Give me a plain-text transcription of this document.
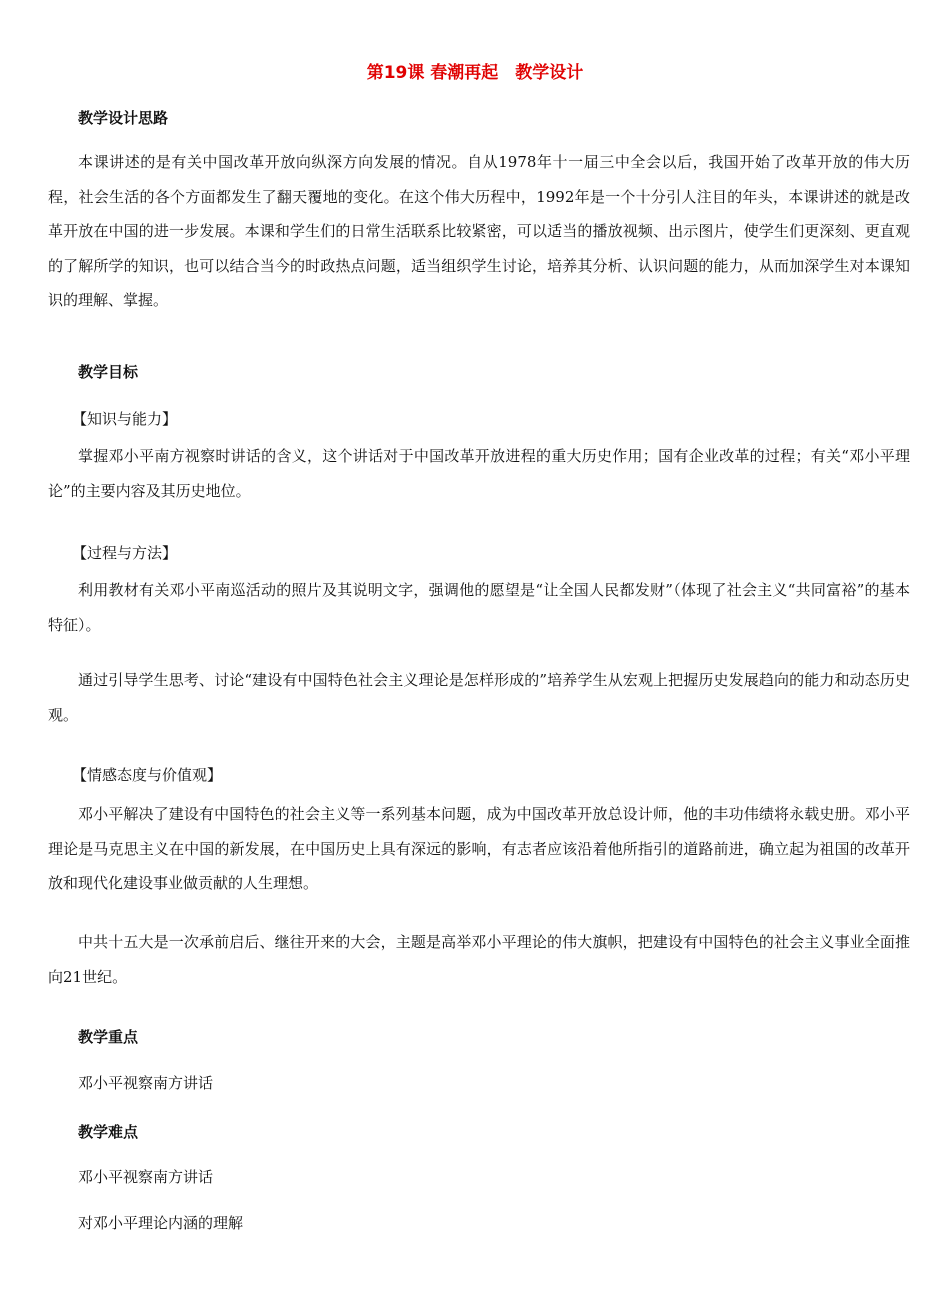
第19课 春潮再起　教学设计
教学设计思路
本课讲述的是有关中国改革开放向纵深方向发展的情况。自从1978年十一届三中全会以后，我国开始了改革开放的伟大历程，社会生活的各个方面都发生了翻天覆地的变化。在这个伟大历程中，1992年是一个十分引人注目的年头，本课讲述的就是改革开放在中国的进一步发展。本课和学生们的日常生活联系比较紧密，可以适当的播放视频、出示图片，使学生们更深刻、更直观的了解所学的知识，也可以结合当今的时政热点问题，适当组织学生讨论，培养其分析、认识问题的能力，从而加深学生对本课知识的理解、掌握。
教学目标
【知识与能力】
掌握邓小平南方视察时讲话的含义，这个讲话对于中国改革开放进程的重大历史作用；国有企业改革的过程；有关“邓小平理论”的主要内容及其历史地位。
【过程与方法】
利用教材有关邓小平南巡活动的照片及其说明文字，强调他的愿望是“让全国人民都发财”（体现了社会主义“共同富裕”的基本特征）。
通过引导学生思考、讨论“建设有中国特色社会主义理论是怎样形成的”培养学生从宏观上把握历史发展趋向的能力和动态历史观。
【情感态度与价值观】
邓小平解决了建设有中国特色的社会主义等一系列基本问题，成为中国改革开放总设计师，他的丰功伟绩将永载史册。邓小平理论是马克思主义在中国的新发展，在中国历史上具有深远的影响，有志者应该沿着他所指引的道路前进，确立起为祖国的改革开放和现代化建设事业做贡献的人生理想。
中共十五大是一次承前启后、继往开来的大会，主题是高举邓小平理论的伟大旗帜，把建设有中国特色的社会主义事业全面推向21世纪。
教学重点
邓小平视察南方讲话
教学难点
邓小平视察南方讲话
对邓小平理论内涵的理解
